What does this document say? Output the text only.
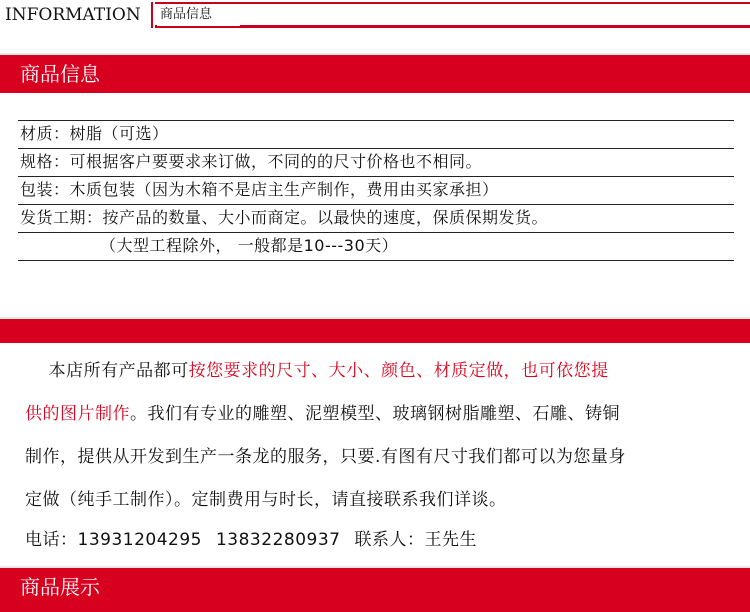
INFORMATION	商品信息
商品信息
材质：树脂（可选）
规格：可根据客户要要求来订做，不同的的尺寸价格也不相同。
包装：木质包装（因为木箱不是店主生产制作，费用由买家承担）
发货工期：按产品的数量、大小而商定。以最快的速度，保质保期发货。
（大型工程除外， 一般都是10---30天）

本店所有产品都可按您要求的尺寸、大小、颜色、材质定做，也可依您提

供的图片制作。我们有专业的雕塑、泥塑模型、玻璃钢树脂雕塑、石雕、铸铜

制作，提供从开发到生产一条龙的服务，只要.有图有尺寸我们都可以为您量身

定做（纯手工制作）。定制费用与时长，请直接联系我们详谈。

电话：13931204295 13832280937 联系人：王先生
商品展示
